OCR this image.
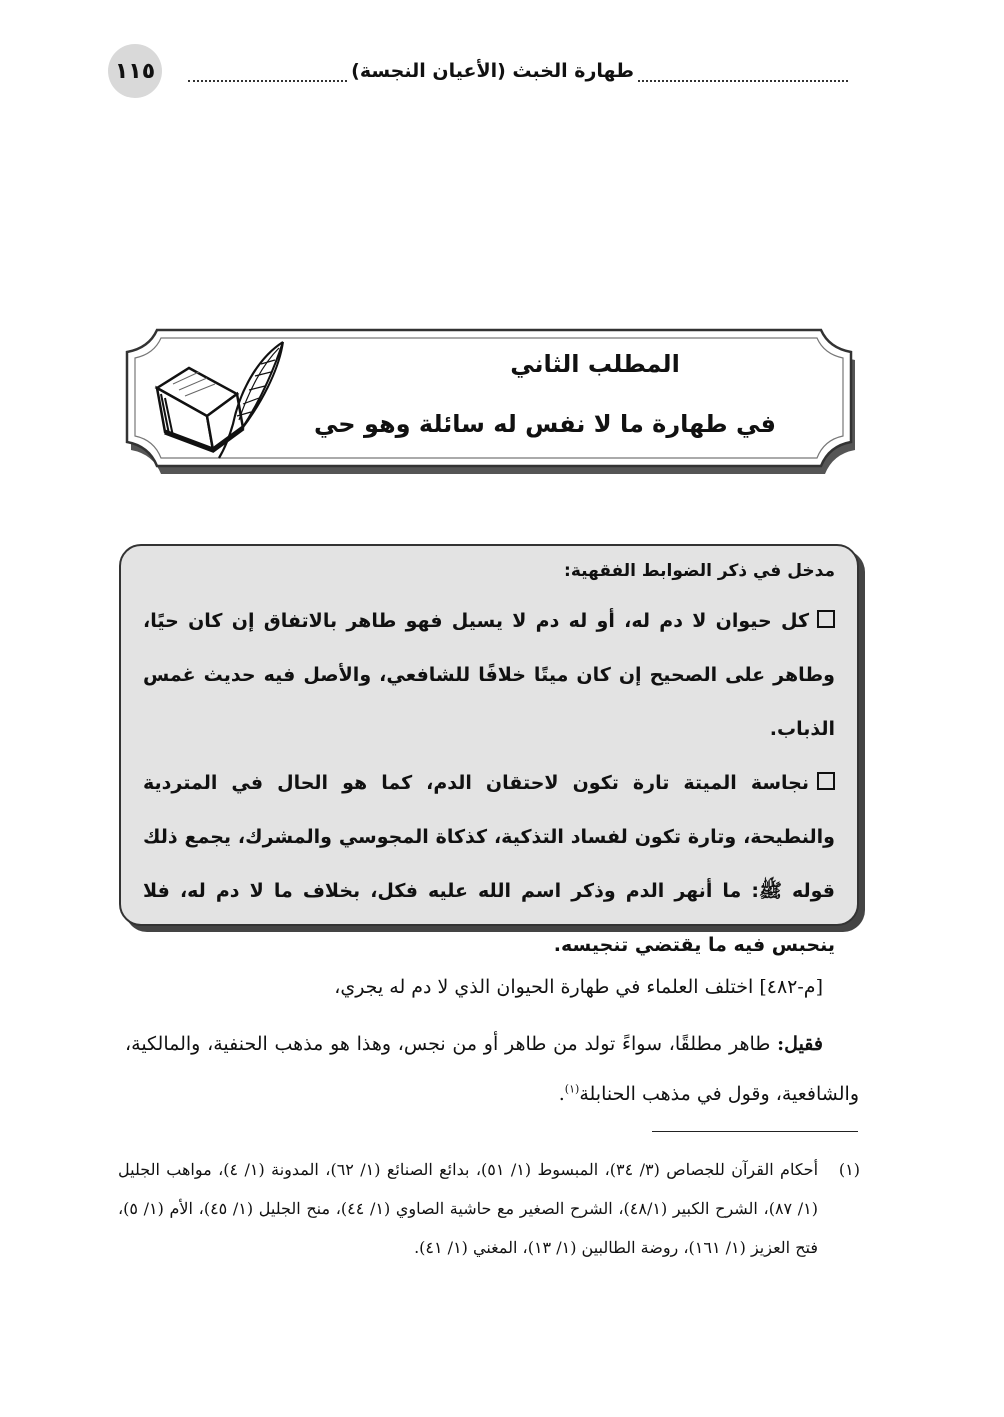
١١٥	طهارة الخبث (الأعيان النجسة)
المطلب الثاني
في طهارة ما لا نفس له سائلة وهو حي
مدخل في ذكر الضوابط الفقهية:

كل حيوان لا دم له، أو له دم لا يسيل فهو طاهر بالاتفاق إن كان حيًا، وطاهر على الصحيح إن كان ميتًا خلافًا للشافعي، والأصل فيه حديث غمس الذباب.

نجاسة الميتة تارة تكون لاحتقان الدم، كما هو الحال في المتردية والنطيحة، وتارة تكون لفساد التذكية، كذكاة المجوسي والمشرك، يجمع ذلك قوله ﷺ: ما أنهر الدم وذكر اسم الله عليه فكل، بخلاف ما لا دم له، فلا ينحبس فيه ما يقتضي تنجيسه.

[م-٤٨٢] اختلف العلماء في طهارة الحيوان الذي لا دم له يجري،
فقيل: طاهر مطلقًا، سواءً تولد من طاهر أو من نجس، وهذا هو مذهب الحنفية، والمالكية، والشافعية، وقول في مذهب الحنابلة$^{(١)}$.
(١)
أحكام القرآن للجصاص (٣/ ٣٤)، المبسوط (١/ ٥١)، بدائع الصنائع (١/ ٦٢)، المدونة (١/ ٤)، مواهب الجليل (١/ ٨٧)، الشرح الكبير (٤٨/١)، الشرح الصغير مع حاشية الصاوي (١/ ٤٤)، منح الجليل (١/ ٤٥)، الأم (١/ ٥)، فتح العزيز (١/ ١٦١)، روضة الطالبين (١/ ١٣)، المغني (١/ ٤١).
